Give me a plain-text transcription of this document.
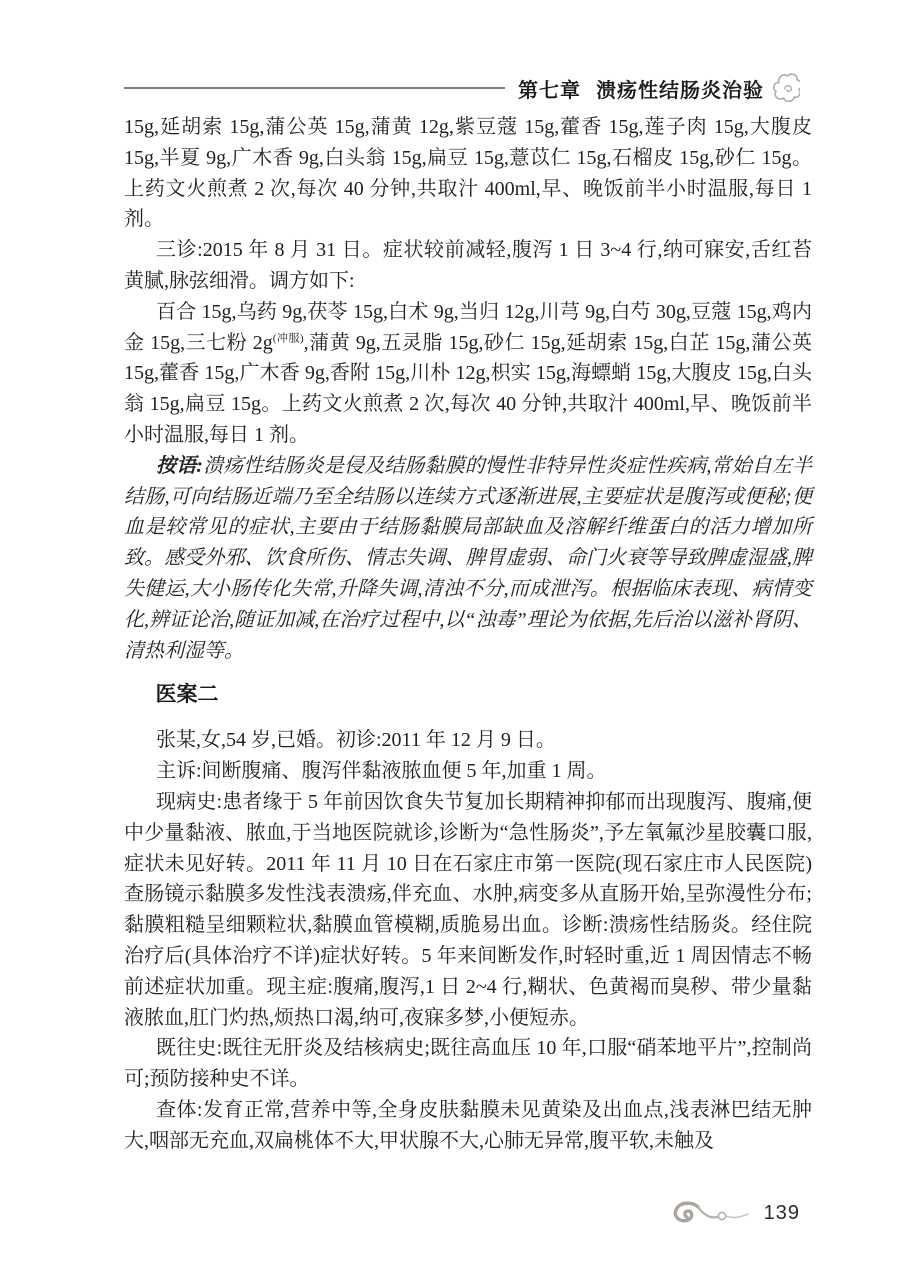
第七章 溃疡性结肠炎治验

15g,延胡索 15g,蒲公英 15g,蒲黄 12g,紫豆蔻 15g,藿香 15g,莲子肉 15g,大腹皮 15g,半夏 9g,广木香 9g,白头翁 15g,扁豆 15g,薏苡仁 15g,石榴皮 15g,砂仁 15g。上药文火煎煮 2 次,每次 40 分钟,共取汁 400ml,早、晚饭前半小时温服,每日 1 剂。

三诊:2015 年 8 月 31 日。症状较前减轻,腹泻 1 日 3~4 行,纳可寐安,舌红苔黄腻,脉弦细滑。调方如下:

百合 15g,乌药 9g,茯苓 15g,白术 9g,当归 12g,川芎 9g,白芍 30g,豆蔻 15g,鸡内金 15g,三七粉 $2g^{(冲服)}$,蒲黄 9g,五灵脂 15g,砂仁 15g,延胡索 15g,白芷 15g,蒲公英 15g,藿香 15g,广木香 9g,香附 15g,川朴 12g,枳实 15g,海螵蛸 15g,大腹皮 15g,白头翁 15g,扁豆 15g。上药文火煎煮 2 次,每次 40 分钟,共取汁 400ml,早、晚饭前半小时温服,每日 1 剂。

按语:溃疡性结肠炎是侵及结肠黏膜的慢性非特异性炎症性疾病,常始自左半结肠,可向结肠近端乃至全结肠以连续方式逐渐进展,主要症状是腹泻或便秘;便血是较常见的症状,主要由于结肠黏膜局部缺血及溶解纤维蛋白的活力增加所致。感受外邪、饮食所伤、情志失调、脾胃虚弱、命门火衰等导致脾虚湿盛,脾失健运,大小肠传化失常,升降失调,清浊不分,而成泄泻。根据临床表现、病情变化,辨证论治,随证加减,在治疗过程中,以“浊毒”理论为依据,先后治以滋补肾阴、清热利湿等。

医案二

张某,女,54 岁,已婚。初诊:2011 年 12 月 9 日。

主诉:间断腹痛、腹泻伴黏液脓血便 5 年,加重 1 周。

现病史:患者缘于 5 年前因饮食失节复加长期精神抑郁而出现腹泻、腹痛,便中少量黏液、脓血,于当地医院就诊,诊断为“急性肠炎”,予左氧氟沙星胶囊口服,症状未见好转。2011 年 11 月 10 日在石家庄市第一医院(现石家庄市人民医院)查肠镜示黏膜多发性浅表溃疡,伴充血、水肿,病变多从直肠开始,呈弥漫性分布;黏膜粗糙呈细颗粒状,黏膜血管模糊,质脆易出血。诊断:溃疡性结肠炎。经住院治疗后(具体治疗不详)症状好转。5 年来间断发作,时轻时重,近 1 周因情志不畅前述症状加重。现主症:腹痛,腹泻,1 日 2~4 行,糊状、色黄褐而臭秽、带少量黏液脓血,肛门灼热,烦热口渴,纳可,夜寐多梦,小便短赤。

既往史:既往无肝炎及结核病史;既往高血压 10 年,口服“硝苯地平片”,控制尚可;预防接种史不详。

查体:发育正常,营养中等,全身皮肤黏膜未见黄染及出血点,浅表淋巴结无肿大,咽部无充血,双扁桃体不大,甲状腺不大,心肺无异常,腹平软,未触及

139
